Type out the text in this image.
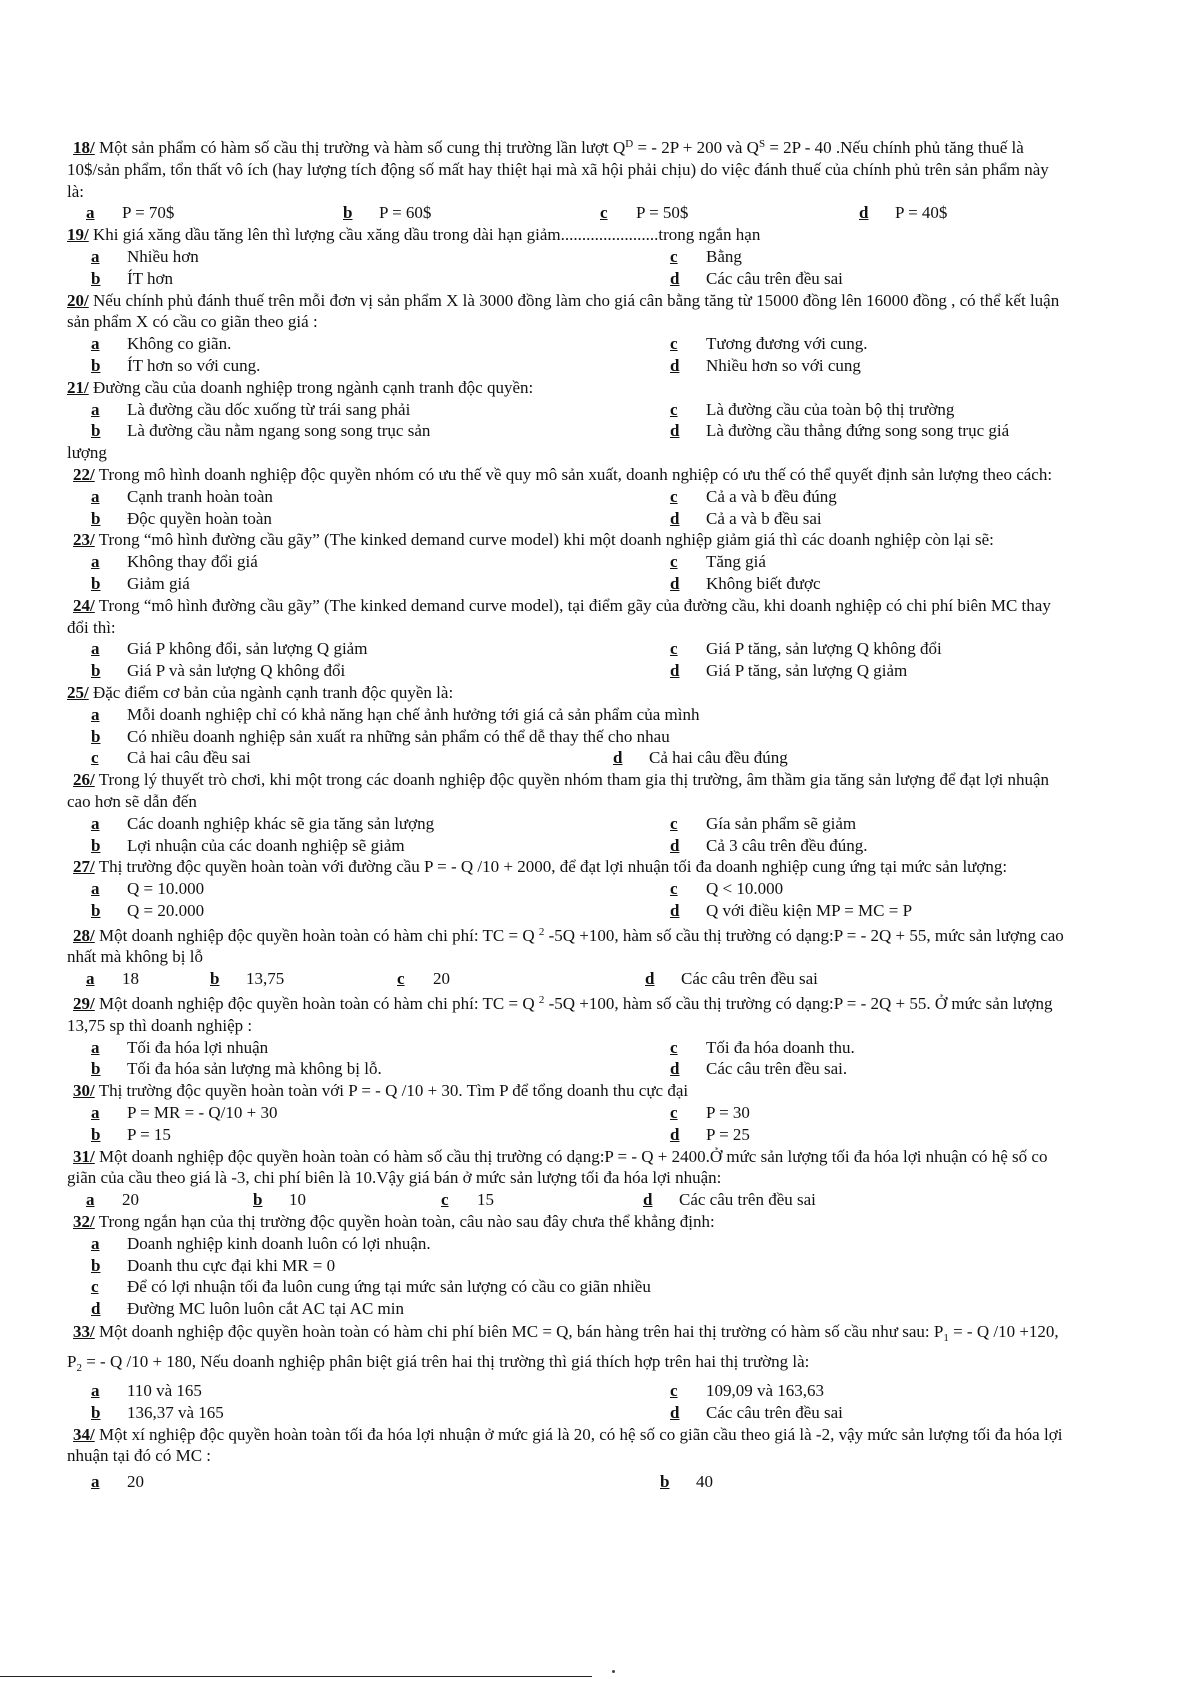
18/ Một sản phẩm có hàm số cầu thị trường và hàm số cung thị trường lần lượt $Q^D$ = - 2P + 200 và $Q^S = 2P - 40$ .Nếu chính phủ tăng thuế là 10$/sản phẩm, tổn thất vô ích (hay lượng tích động số mất hay thiệt hại mà xã hội phải chịu) do việc đánh thuế của chính phủ trên sản phẩm này là:

a P = 70$	b P = 60$	c P = 50$	d P = 40$

19/ Khi giá xăng dầu tăng lên thì lượng cầu xăng dầu trong dài hạn giảm.......................trong ngắn hạn

a Nhiều hơn	c Bằng
b ÍT hơn	d Các câu trên đều sai

20/ Nếu chính phủ đánh thuế trên mỗi đơn vị sản phẩm X là 3000 đồng làm cho giá cân bằng tăng từ 15000 đồng lên 16000 đồng , có thể kết luận sản phẩm X có cầu co giãn theo giá :

a Không co giãn.	c Tương đương với cung.
b ÍT hơn so với cung.	d Nhiều hơn so với cung

21/ Đường cầu của doanh nghiệp trong ngành cạnh tranh độc quyền:

a Là đường cầu dốc xuống từ trái sang phải	c Là đường cầu của toàn bộ thị trường
b Là đường cầu nằm ngang song song trục sản	d Là đường cầu thẳng đứng song song trục giá
lượng

22/ Trong mô hình doanh nghiệp độc quyền nhóm có ưu thế về quy mô sản xuất, doanh nghiệp có ưu thế có thể quyết định sản lượng theo cách:

a Cạnh tranh hoàn toàn	c Cả a và b đều đúng
b Độc quyền hoàn toàn	d Cả a và b đều sai

23/ Trong “mô hình đường cầu gãy” (The kinked demand curve model) khi một doanh nghiệp giảm giá thì các doanh nghiệp còn lại sẽ:

a Không thay đổi giá	c Tăng giá
b Giảm giá	d Không biết được

24/ Trong “mô hình đường cầu gãy” (The kinked demand curve model), tại điểm gãy của đường cầu, khi doanh nghiệp có chi phí biên MC thay đổi thì:

a Giá P không đổi, sản lượng Q giảm	c Giá P tăng, sản lượng Q không đổi
b Giá P và sản lượng Q không đổi	d Giá P tăng, sản lượng Q giảm

25/ Đặc điểm cơ bản của ngành cạnh tranh độc quyền là:

a Mỗi doanh nghiệp chỉ có khả năng hạn chế ảnh hưởng tới giá cả sản phẩm của mình
b Có nhiều doanh nghiệp sản xuất ra những sản phẩm có thể dễ thay thế cho nhau
c Cả hai câu đều sai	d Cả hai câu đều đúng

26/ Trong lý thuyết trò chơi, khi một trong các doanh nghiệp độc quyền nhóm tham gia thị trường, âm thầm gia tăng sản lượng để đạt lợi nhuận cao hơn sẽ dẫn đến

a Các doanh nghiệp khác sẽ gia tăng sản lượng	c Gía sản phẩm sẽ giảm
b Lợi nhuận của các doanh nghiệp sẽ giảm	d Cả 3 câu trên đều đúng.

27/ Thị trường độc quyền hoàn toàn với đường cầu P = - Q /10 + 2000, để đạt lợi nhuận tối đa doanh nghiệp cung ứng tại mức sản lượng:

a Q = 10.000	c Q < 10.000
b Q = 20.000	d Q với điều kiện MP = MC = P

28/ Một doanh nghiệp độc quyền hoàn toàn có hàm chi phí: TC = Q $^2$ -5Q +100, hàm số cầu thị trường có dạng:P = - 2Q + 55, mức sản lượng cao nhất mà không bị lỗ

a 18	b 13,75	c 20	d Các câu trên đều sai

29/ Một doanh nghiệp độc quyền hoàn toàn có hàm chi phí: TC = Q $^2$ -5Q +100, hàm số cầu thị trường có dạng:P = - 2Q + 55. Ở mức sản lượng 13,75 sp thì doanh nghiệp :

a Tối đa hóa lợi nhuận	c Tối đa hóa doanh thu.
b Tối đa hóa sản lượng mà không bị lỗ.	d Các câu trên đều sai.

30/ Thị trường độc quyền hoàn toàn với P = - Q /10 + 30. Tìm P để tổng doanh thu cực đại

a P = MR = - Q/10 + 30	c P = 30
b P = 15	d P = 25

31/ Một doanh nghiệp độc quyền hoàn toàn có hàm số cầu thị trường có dạng:P = - Q + 2400.Ở mức sản lượng tối đa hóa lợi nhuận có hệ số co giãn của cầu theo giá là -3, chi phí biên là 10.Vậy giá bán ở mức sản lượng tối đa hóa lợi nhuận:

a 20	b 10	c 15	d Các câu trên đều sai

32/ Trong ngắn hạn của thị trường độc quyền hoàn toàn, câu nào sau đây chưa thể khẳng định:

a Doanh nghiệp kinh doanh luôn có lợi nhuận.
b Doanh thu cực đại khi MR = 0
c Để có lợi nhuận tối đa luôn cung ứng tại mức sản lượng có cầu co giãn nhiều
d Đường MC luôn luôn cắt AC tại AC min

33/ Một doanh nghiệp độc quyền hoàn toàn có hàm chi phí biên MC = Q, bán hàng trên hai thị trường có hàm số cầu như sau: $P_1$ = - Q /10 +120, $P_2$ = - Q /10 + 180, Nếu doanh nghiệp phân biệt giá trên hai thị trường thì giá thích hợp trên hai thị trường là:

a 110 và 165	c 109,09 và 163,63
b 136,37 và 165	d Các câu trên đều sai

34/ Một xí nghiệp độc quyền hoàn toàn tối đa hóa lợi nhuận ở mức giá là 20, có hệ số co giãn cầu theo giá là -2, vậy mức sản lượng tối đa hóa lợi nhuận tại đó có MC :

a 20	b 40
